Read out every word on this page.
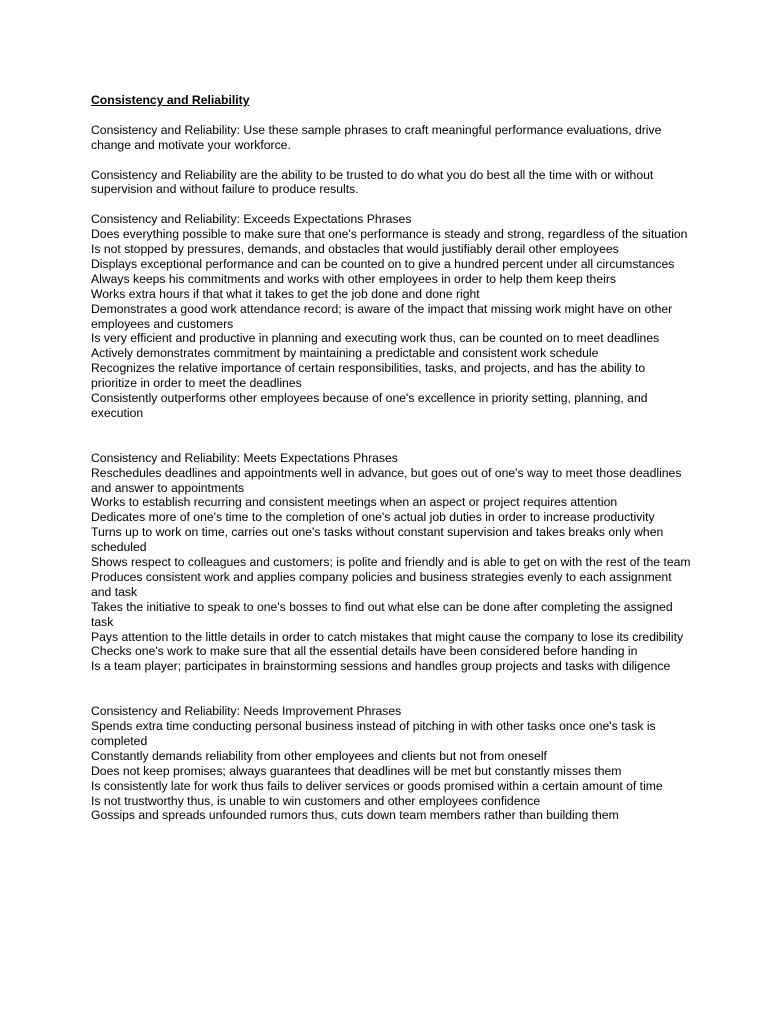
Consistency and Reliability

Consistency and Reliability: Use these sample phrases to craft meaningful performance evaluations, drive change and motivate your workforce.

Consistency and Reliability are the ability to be trusted to do what you do best all the time with or without supervision and without failure to produce results.

Consistency and Reliability: Exceeds Expectations Phrases

Does everything possible to make sure that one's performance is steady and strong, regardless of the situation

Is not stopped by pressures, demands, and obstacles that would justifiably derail other employees

Displays exceptional performance and can be counted on to give a hundred percent under all circumstances

Always keeps his commitments and works with other employees in order to help them keep theirs

Works extra hours if that what it takes to get the job done and done right

Demonstrates a good work attendance record; is aware of the impact that missing work might have on other employees and customers

Is very efficient and productive in planning and executing work thus, can be counted on to meet deadlines

Actively demonstrates commitment by maintaining a predictable and consistent work schedule

Recognizes the relative importance of certain responsibilities, tasks, and projects, and has the ability to prioritize in order to meet the deadlines

Consistently outperforms other employees because of one's excellence in priority setting, planning, and execution

Consistency and Reliability: Meets Expectations Phrases

Reschedules deadlines and appointments well in advance, but goes out of one's way to meet those deadlines and answer to appointments

Works to establish recurring and consistent meetings when an aspect or project requires attention

Dedicates more of one's time to the completion of one's actual job duties in order to increase productivity

Turns up to work on time, carries out one's tasks without constant supervision and takes breaks only when scheduled

Shows respect to colleagues and customers; is polite and friendly and is able to get on with the rest of the team

Produces consistent work and applies company policies and business strategies evenly to each assignment and task

Takes the initiative to speak to one's bosses to find out what else can be done after completing the assigned task

Pays attention to the little details in order to catch mistakes that might cause the company to lose its credibility

Checks one's work to make sure that all the essential details have been considered before handing in

Is a team player; participates in brainstorming sessions and handles group projects and tasks with diligence

Consistency and Reliability: Needs Improvement Phrases

Spends extra time conducting personal business instead of pitching in with other tasks once one's task is completed

Constantly demands reliability from other employees and clients but not from oneself

Does not keep promises; always guarantees that deadlines will be met but constantly misses them

Is consistently late for work thus fails to deliver services or goods promised within a certain amount of time

Is not trustworthy thus, is unable to win customers and other employees confidence

Gossips and spreads unfounded rumors thus, cuts down team members rather than building them
